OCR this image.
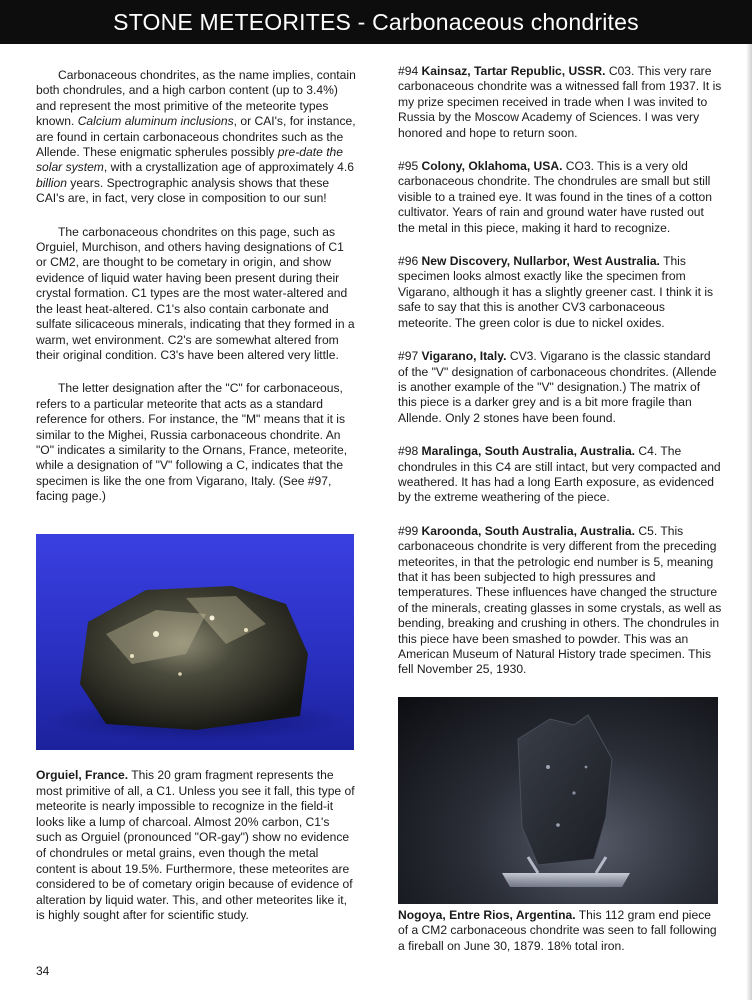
STONE METEORITES - Carbonaceous chondrites

Carbonaceous chondrites, as the name implies, contain both chondrules, and a high carbon content (up to 3.4%) and represent the most primitive of the meteorite types known. Calcium aluminum inclusions, or CAI's, for instance, are found in certain carbonaceous chondrites such as the Allende. These enigmatic spherules possibly pre-date the solar system, with a crystallization age of approximately 4.6 billion years. Spectrographic analysis shows that these CAI's are, in fact, very close in composition to our sun!

The carbonaceous chondrites on this page, such as Orguiel, Murchison, and others having designations of C1 or CM2, are thought to be cometary in origin, and show evidence of liquid water having been present during their crystal formation. C1 types are the most water-altered and the least heat-altered. C1's also contain carbonate and sulfate silicaceous minerals, indicating that they formed in a warm, wet environment. C2's are somewhat altered from their original condition. C3's have been altered very little.

The letter designation after the "C" for carbonaceous, refers to a particular meteorite that acts as a standard reference for others. For instance, the "M" means that it is similar to the Mighei, Russia carbonaceous chondrite. An "O" indicates a similarity to the Ornans, France, meteorite, while a designation of "V" following a C, indicates that the specimen is like the one from Vigarano, Italy. (See #97, facing page.)

Orguiel, France. This 20 gram fragment represents the most primitive of all, a C1. Unless you see it fall, this type of meteorite is nearly impossible to recognize in the field-it looks like a lump of charcoal. Almost 20% carbon, C1's such as Orguiel (pronounced "OR-gay") show no evidence of chondrules or metal grains, even though the metal content is about 19.5%. Furthermore, these meteorites are considered to be of cometary origin because of evidence of alteration by liquid water. This, and other meteorites like it, is highly sought after for scientific study.

#94 Kainsaz, Tartar Republic, USSR. C03. This very rare carbonaceous chondrite was a witnessed fall from 1937. It is my prize specimen received in trade when I was invited to Russia by the Moscow Academy of Sciences. I was very honored and hope to return soon.

#95 Colony, Oklahoma, USA. CO3. This is a very old carbonaceous chondrite. The chondrules are small but still visible to a trained eye. It was found in the tines of a cotton cultivator. Years of rain and ground water have rusted out the metal in this piece, making it hard to recognize.

#96 New Discovery, Nullarbor, West Australia. This specimen looks almost exactly like the specimen from Vigarano, although it has a slightly greener cast. I think it is safe to say that this is another CV3 carbonaceous meteorite. The green color is due to nickel oxides.

#97 Vigarano, Italy. CV3. Vigarano is the classic standard of the "V" designation of carbonaceous chondrites. (Allende is another example of the "V" designation.) The matrix of this piece is a darker grey and is a bit more fragile than Allende. Only 2 stones have been found.

#98 Maralinga, South Australia, Australia. C4. The chondrules in this C4 are still intact, but very compacted and weathered. It has had a long Earth exposure, as evidenced by the extreme weathering of the piece.

#99 Karoonda, South Australia, Australia. C5. This carbonaceous chondrite is very different from the preceding meteorites, in that the petrologic end number is 5, meaning that it has been subjected to high pressures and temperatures. These influences have changed the structure of the minerals, creating glasses in some crystals, as well as bending, breaking and crushing in others. The chondrules in this piece have been smashed to powder. This was an American Museum of Natural History trade specimen. This fell November 25, 1930.

Nogoya, Entre Rios, Argentina. This 112 gram end piece of a CM2 carbonaceous chondrite was seen to fall following a fireball on June 30, 1879. 18% total iron.
34
